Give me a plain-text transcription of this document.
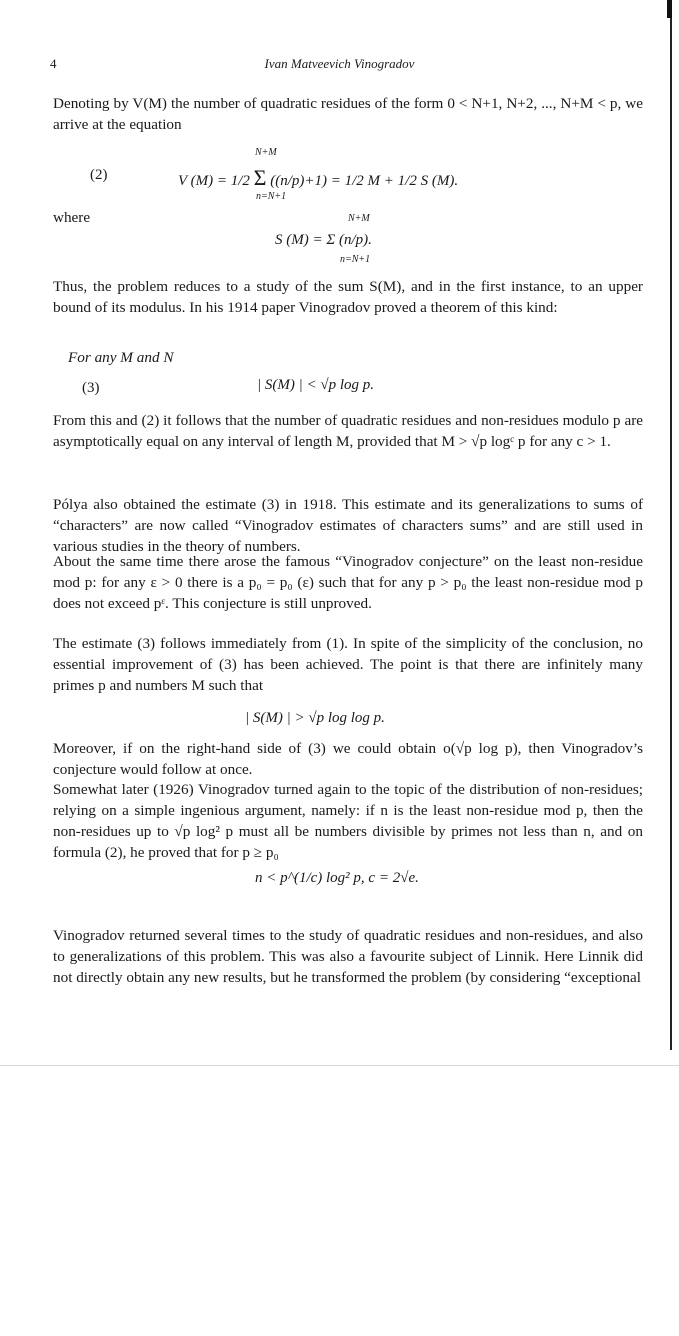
4	Ivan Matveevich Vinogradov
Denoting by V(M) the number of quadratic residues of the form 0 < N+1, N+2, ..., N+M < p, we arrive at the equation
(2)
N+M
n=N+1
V (M) = 1/2 Σ ((n/p)+1) = 1/2 M + 1/2 S (M).
where	N+M
n=N+1
S (M) = Σ (n/p).
Thus, the problem reduces to a study of the sum S(M), and in the first instance, to an upper bound of its modulus. In his 1914 paper Vinogradov proved a theorem of this kind:
For any M and N
(3)	| S(M) | < √p log p.
From this and (2) it follows that the number of quadratic residues and non-residues modulo p are asymptotically equal on any interval of length M, provided that M > √p logᶜ p for any c > 1.
Pólya also obtained the estimate (3) in 1918. This estimate and its generalizations to sums of “characters” are now called “Vinogradov estimates of characters sums” and are still used in various studies in the theory of numbers.
About the same time there arose the famous “Vinogradov conjecture” on the least non-residue mod p: for any ε > 0 there is a p₀ = p₀ (ε) such that for any p > p₀ the least non-residue mod p does not exceed pᵋ. This conjecture is still unproved.
The estimate (3) follows immediately from (1). In spite of the simplicity of the conclusion, no essential improvement of (3) has been achieved. The point is that there are infinitely many primes p and numbers M such that
| S(M) | > √p log log p.
Moreover, if on the right-hand side of (3) we could obtain o(√p log p), then Vinogradov’s conjecture would follow at once.
Somewhat later (1926) Vinogradov turned again to the topic of the distribution of non-residues; relying on a simple ingenious argument, namely: if n is the least non-residue mod p, then the non-residues up to √p log² p must all be numbers divisible by primes not less than n, and on formula (2), he proved that for p ≥ p₀
n < p^(1/c) log² p, c = 2√e.
Vinogradov returned several times to the study of quadratic residues and non-residues, and also to generalizations of this problem. This was also a favourite subject of Linnik. Here Linnik did not directly obtain any new results, but he transformed the problem (by considering “exceptional
